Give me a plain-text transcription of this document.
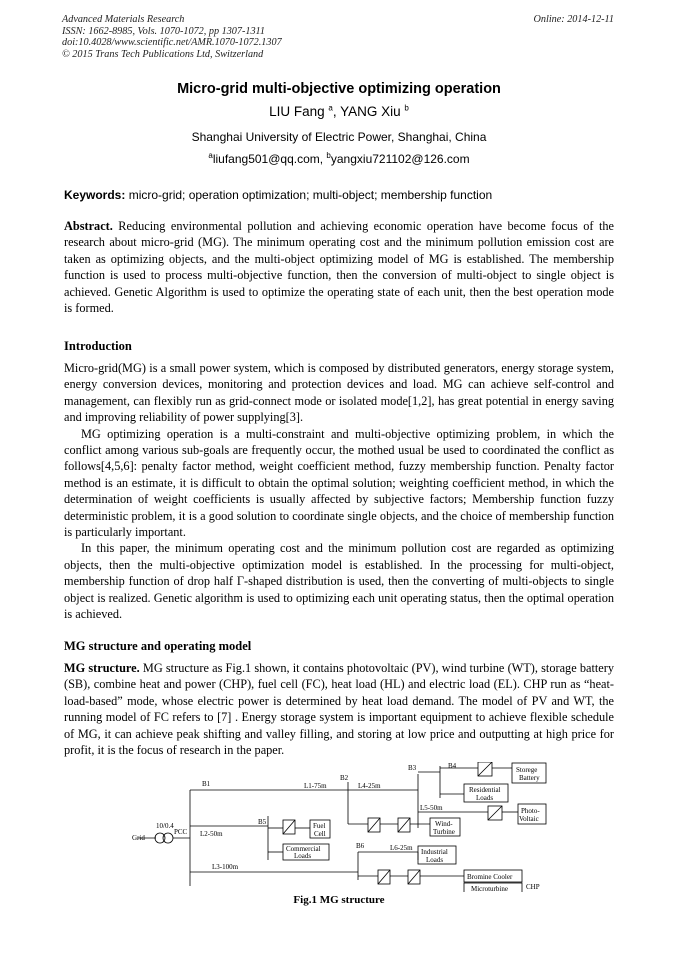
Advanced Materials Research
ISSN: 1662-8985, Vols. 1070-1072, pp 1307-1311
doi:10.4028/www.scientific.net/AMR.1070-1072.1307
© 2015 Trans Tech Publications Ltd, Switzerland
Online: 2014-12-11
Micro-grid multi-objective optimizing operation
LIU Fang $^a$, YANG Xiu $^b$
Shanghai University of Electric Power, Shanghai, China
$^a$liufang501@qq.com, $^b$yangxiu721102@126.com
Keywords: micro-grid; operation optimization; multi-object; membership function

Abstract. Reducing environmental pollution and achieving economic operation have become focus of the research about micro-grid (MG). The minimum operating cost and the minimum pollution emission cost are taken as optimizing objects, and the multi-object optimizing model of MG is established. The membership function is used to process multi-objective function, then the conversion of multi-object to single object is achieved. Genetic Algorithm is used to optimize the operating state of each unit, then the best operation mode is formed.

Introduction

Micro-grid(MG) is a small power system, which is composed by distributed generators, energy storage system, energy conversion devices, monitoring and protection devices and load. MG can achieve self-control and management, can flexibly run as grid-connect mode or isolated mode[1,2], has great potential in energy saving and improving reliability of power supplying[3].

MG optimizing operation is a multi-constraint and multi-objective optimizing problem, in which the conflict among various sub-goals are frequently occur, the mothed usual be used to coordinated the conflict as follows[4,5,6]: penalty factor method, weight coefficient method, fuzzy membership function. Penalty factor method is an estimate, it is difficult to obtain the optimal solution; weighting coefficient method, in which the determination of weight coefficients is usually affected by subjective factors; Membership function fuzzy deterministic problem, it is a good solution to coordinate single objects, and the choice of membership function is particularly important.

In this paper, the minimum operating cost and the minimum pollution cost are regarded as optimizing objects, then the multi-objective optimization model is established. In the processing for multi-object, membership function of drop half Γ-shaped distribution is used, then the converting of multi-objects to single object is realized. Genetic algorithm is used to optimizing each unit operating status, then the optimal operation is achieved.

MG structure and operating model

MG structure. MG structure as Fig.1 shown, it contains photovoltaic (PV), wind turbine (WT), storage battery (SB), combine heat and power (CHP), fuel cell (FC), heat load (HL) and electric load (EL). CHP run as “heat-load-based” mode, whose electric power is determined by heat load demand. The model of PV and WT, the running model of FC refers to [7] . Energy storage system is important equipment to achieve flexible schedule of MG, it can achieve peak shifting and valley filling, and storing at low price and outputting at high price for profit, it is the focus of research in the paper.

Grid
10/0.4
PCC
B1
B2
B3	B4
B5
B6
L1-75m
L2-50m
L3-100m
L4-25m
L5-50m
L6-25m
Storege
Battery
Residential
Loads
Photo-
Voltaic
Wind-
Turbine
Fuel
Cell
Commercial
Loads	Industrial
Loads
Bromine Cooler
Microturbine	CHP
Fig.1 MG structure
